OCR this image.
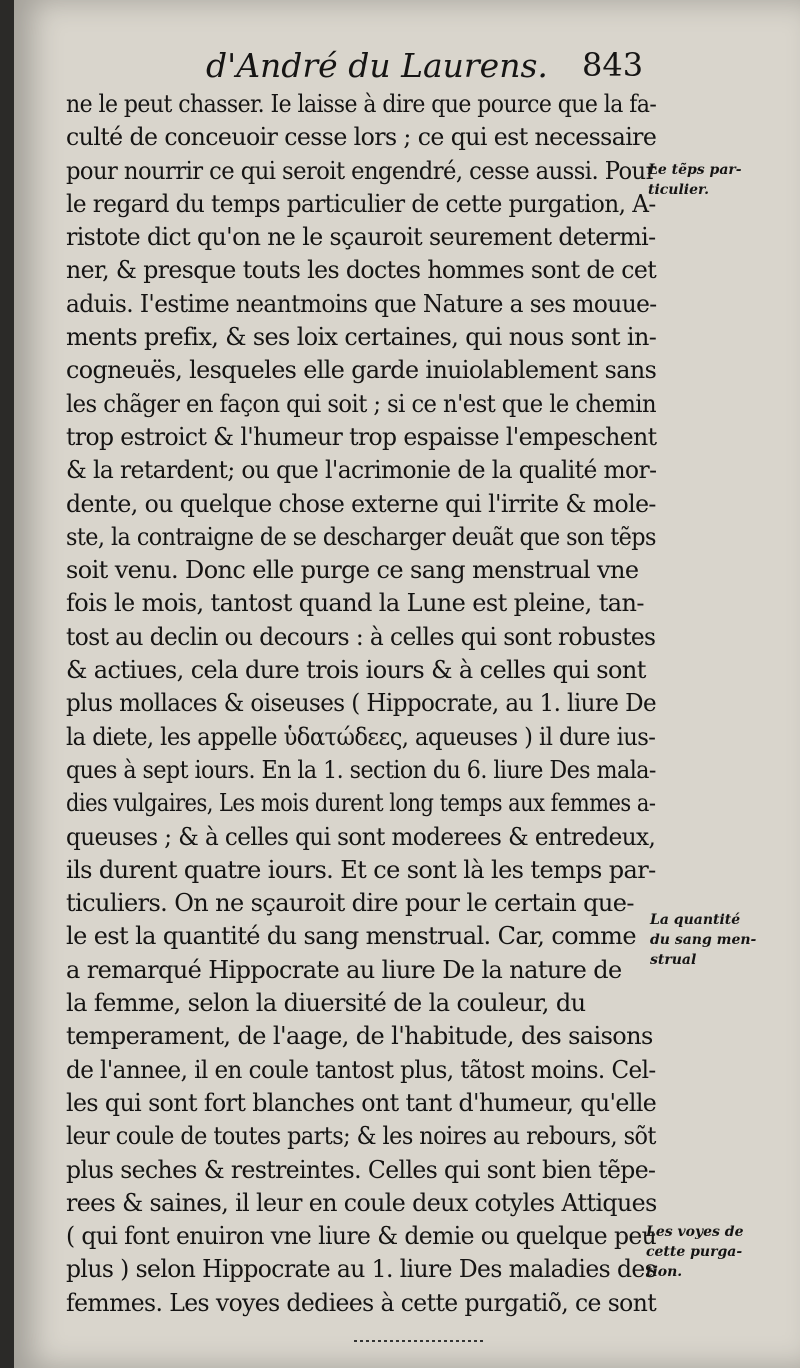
d'André du Laurens. 843
ne le peut chasser. Ie laisse à dire que pource que la fa-
culté de conceuoir cesse lors ; ce qui est necessaire
pour nourrir ce qui seroit engendré, cesse aussi. Pour
le regard du temps particulier de cette purgation, A-
ristote dict qu'on ne le sçauroit seurement determi-
ner, & presque touts les doctes hommes sont de cet
aduis. I'estime neantmoins que Nature a ses mouue-
ments prefix, & ses loix certaines, qui nous sont in-
cogneuës, lesqueles elle garde inuiolablement sans
les chãger en façon qui soit ; si ce n'est que le chemin
trop estroict & l'humeur trop espaisse l'empeschent
& la retardent; ou que l'acrimonie de la qualité mor-
dente, ou quelque chose externe qui l'irrite & mole-
ste, la contraigne de se descharger deuãt que son tẽps
soit venu. Donc elle purge ce sang menstrual vne
fois le mois, tantost quand la Lune est pleine, tan-
tost au declin ou decours : à celles qui sont robustes
& actiues, cela dure trois iours & à celles qui sont
plus mollaces & oiseuses ( Hippocrate, au 1. liure De
la diete, les appelle ὑδατώδεες, aqueuses ) il dure ius-
ques à sept iours. En la 1. section du 6. liure Des mala-
dies vulgaires, Les mois durent long temps aux femmes a-
queuses ; & à celles qui sont moderees & entredeux,
ils durent quatre iours. Et ce sont là les temps par-
ticuliers. On ne sçauroit dire pour le certain que-
le est la quantité du sang menstrual. Car, comme
a remarqué Hippocrate au liure De la nature de
la femme, selon la diuersité de la couleur, du
temperament, de l'aage, de l'habitude, des saisons
de l'annee, il en coule tantost plus, tãtost moins. Cel-
les qui sont fort blanches ont tant d'humeur, qu'elle
leur coule de toutes parts; & les noires au rebours, sõt
plus seches & restreintes. Celles qui sont bien tẽpe-
rees & saines, il leur en coule deux cotyles Attiques
( qui font enuiron vne liure & demie ou quelque peu
plus ) selon Hippocrate au 1. liure Des maladies des
femmes. Les voyes dediees à cette purgatiõ, ce sont
Le tẽps par-
ticulier.
La quantité
du sang men-
strual
Les voyes de
cette purga-
tion.
